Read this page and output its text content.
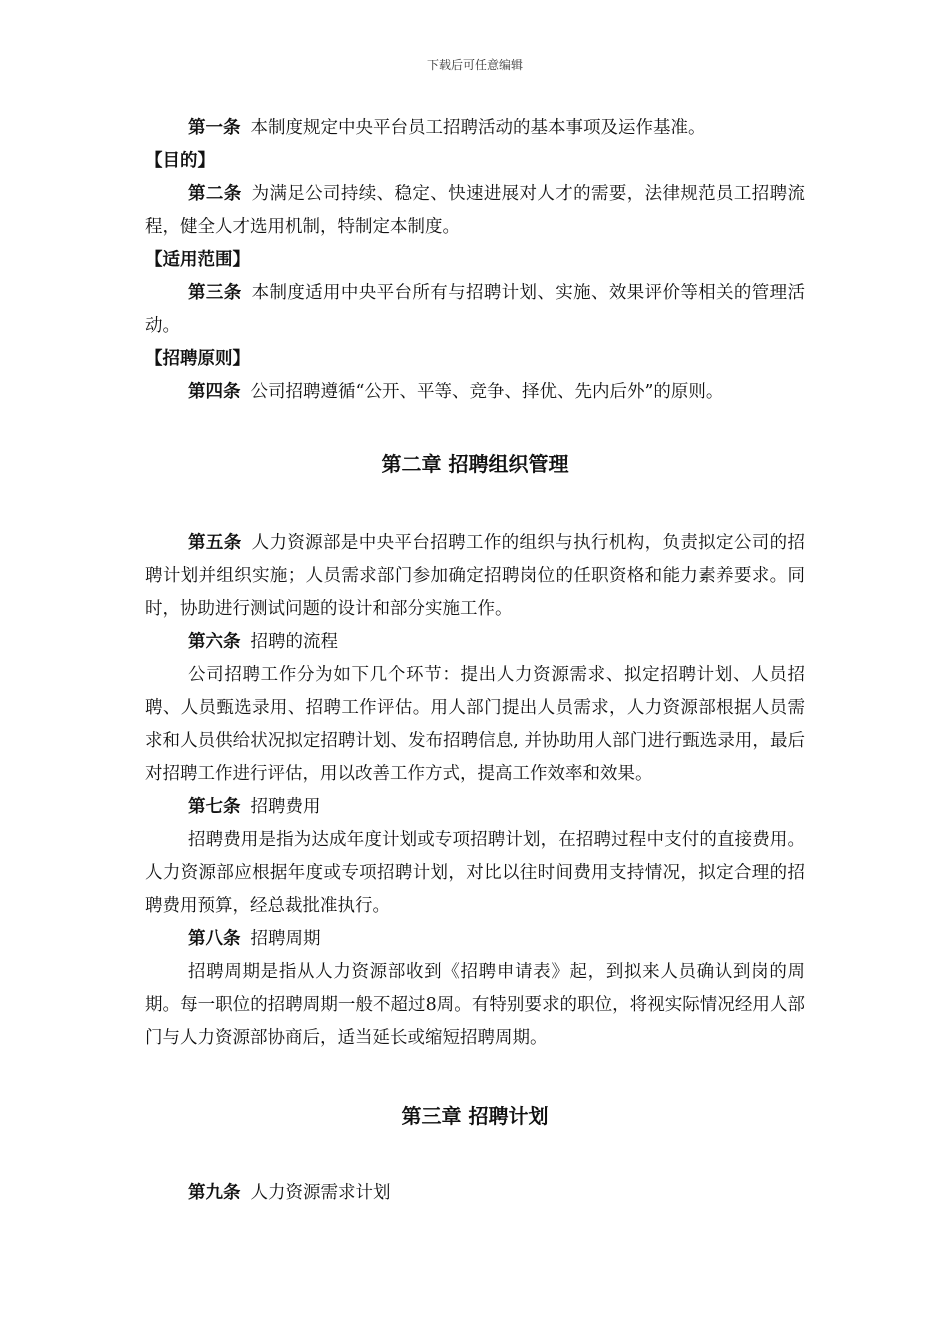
下载后可任意编辑

第一条 本制度规定中央平台员工招聘活动的基本事项及运作基准。

【目的】

第二条 为满足公司持续、稳定、快速进展对人才的需要，法律规范员工招聘流程，健全人才选用机制，特制定本制度。

【适用范围】

第三条 本制度适用中央平台所有与招聘计划、实施、效果评价等相关的管理活动。

【招聘原则】

第四条 公司招聘遵循“公开、平等、竞争、择优、先内后外”的原则。

第二章 招聘组织管理

第五条 人力资源部是中央平台招聘工作的组织与执行机构，负责拟定公司的招聘计划并组织实施；人员需求部门参加确定招聘岗位的任职资格和能力素养要求。同时，协助进行测试问题的设计和部分实施工作。

第六条 招聘的流程

公司招聘工作分为如下几个环节：提出人力资源需求、拟定招聘计划、人员招聘、人员甄选录用、招聘工作评估。用人部门提出人员需求，人力资源部根据人员需求和人员供给状况拟定招聘计划、发布招聘信息, 并协助用人部门进行甄选录用，最后对招聘工作进行评估，用以改善工作方式，提高工作效率和效果。

第七条 招聘费用

招聘费用是指为达成年度计划或专项招聘计划，在招聘过程中支付的直接费用。人力资源部应根据年度或专项招聘计划，对比以往时间费用支持情况，拟定合理的招聘费用预算，经总裁批准执行。

第八条 招聘周期

招聘周期是指从人力资源部收到《招聘申请表》起，到拟来人员确认到岗的周期。每一职位的招聘周期一般不超过8周。有特别要求的职位，将视实际情况经用人部门与人力资源部协商后，适当延长或缩短招聘周期。

第三章 招聘计划

第九条 人力资源需求计划
